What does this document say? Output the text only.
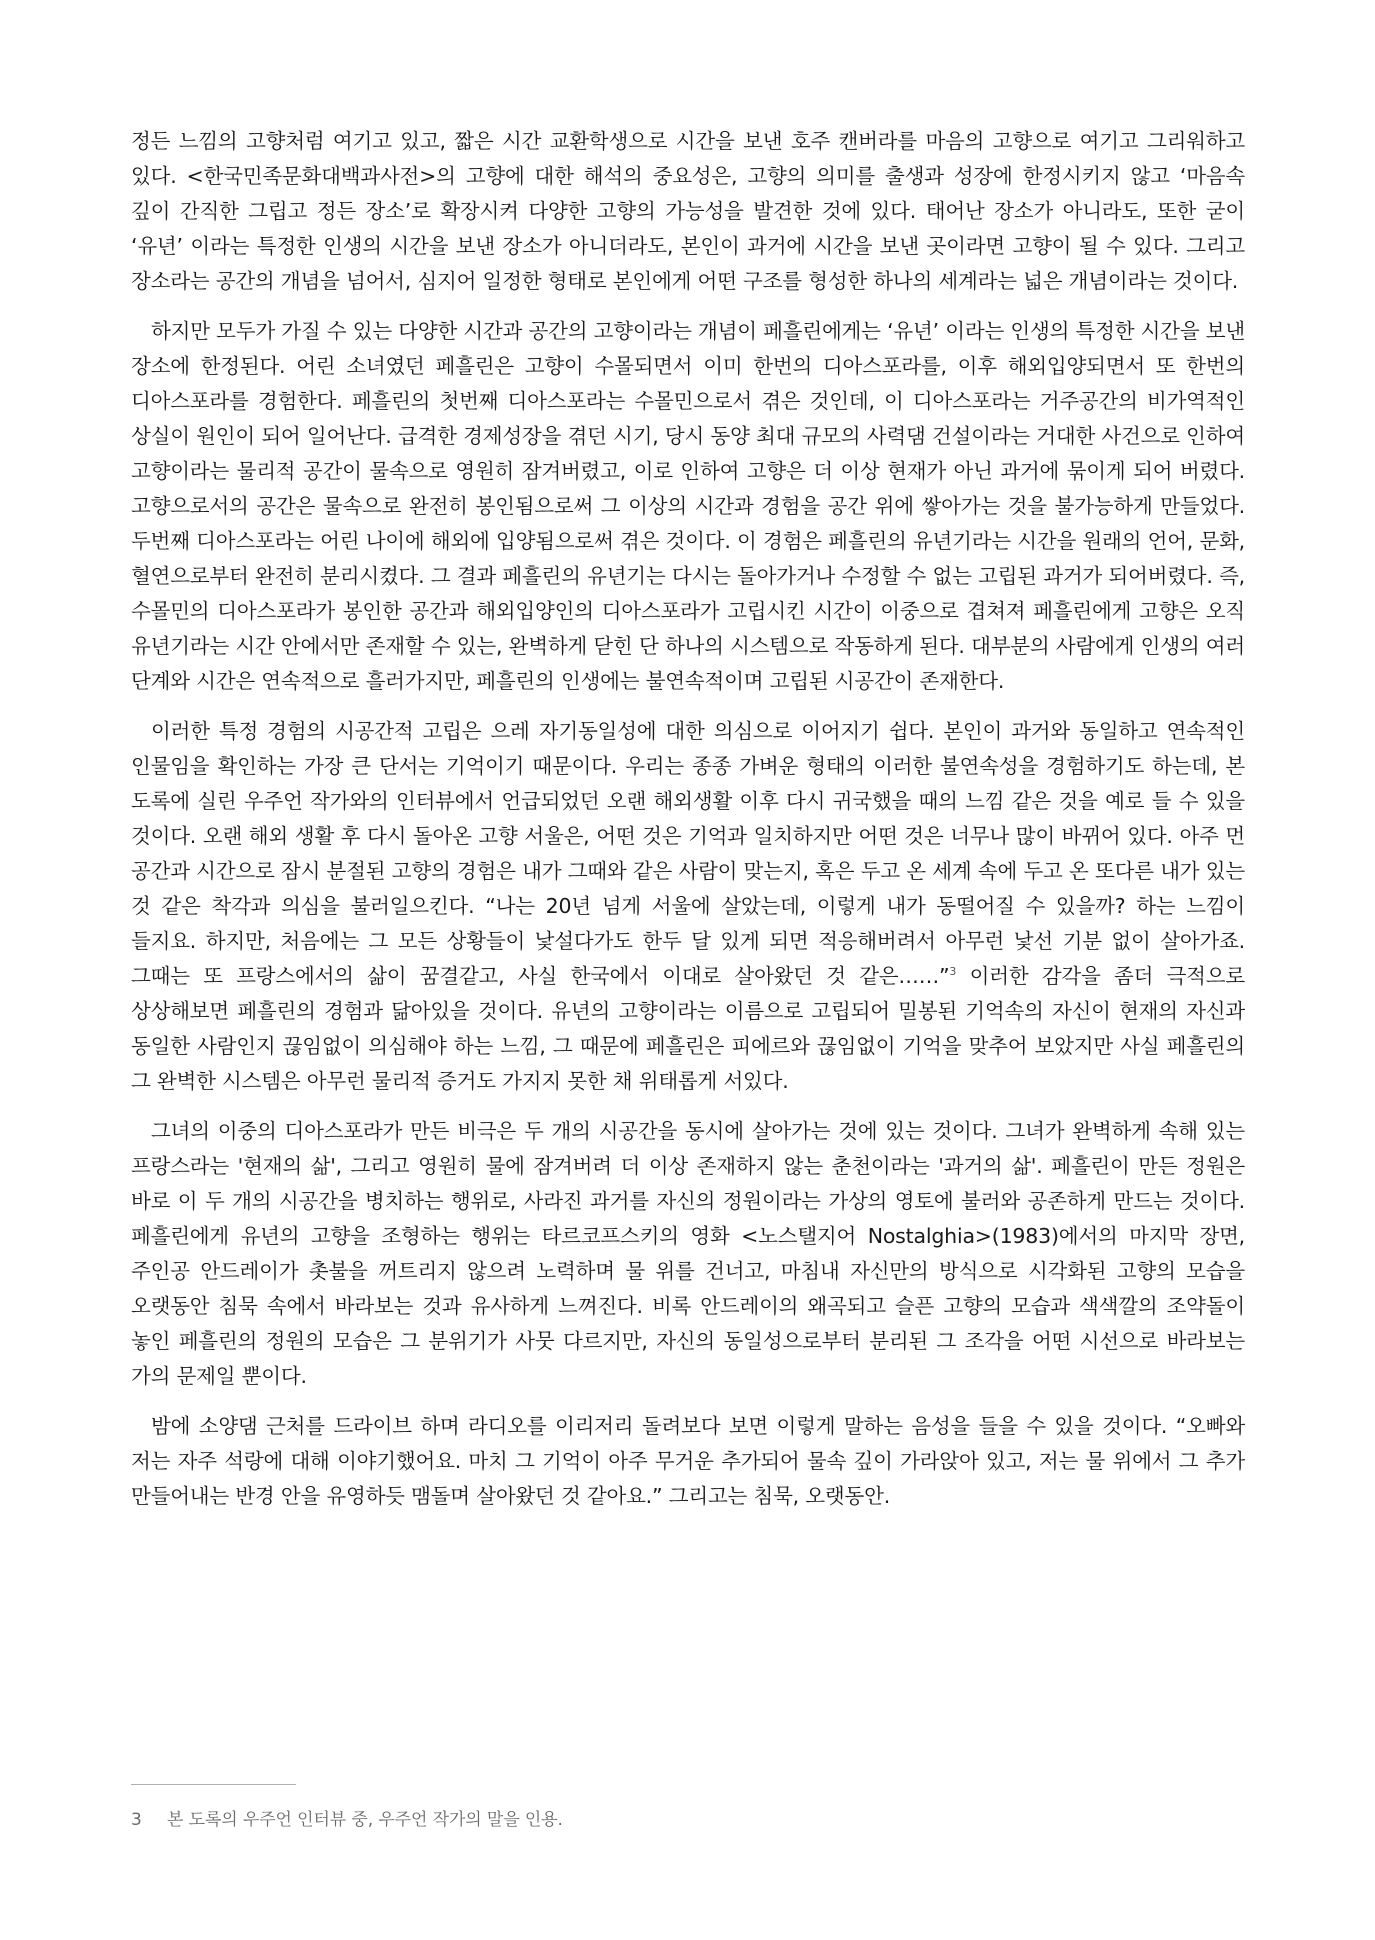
정든 느낌의 고향처럼 여기고 있고, 짧은 시간 교환학생으로 시간을 보낸 호주 캔버라를 마음의 고향으로 여기고 그리워하고 있다. <한국민족문화대백과사전>의 고향에 대한 해석의 중요성은, 고향의 의미를 출생과 성장에 한정시키지 않고 ‘마음속 깊이 간직한 그립고 정든 장소’로 확장시켜 다양한 고향의 가능성을 발견한 것에 있다. 태어난 장소가 아니라도, 또한 굳이 ‘유년’ 이라는 특정한 인생의 시간을 보낸 장소가 아니더라도, 본인이 과거에 시간을 보낸 곳이라면 고향이 될 수 있다. 그리고 장소라는 공간의 개념을 넘어서, 심지어 일정한 형태로 본인에게 어떤 구조를 형성한 하나의 세계라는 넓은 개념이라는 것이다.

하지만 모두가 가질 수 있는 다양한 시간과 공간의 고향이라는 개념이 페흘린에게는 ‘유년’ 이라는 인생의 특정한 시간을 보낸 장소에 한정된다. 어린 소녀였던 페흘린은 고향이 수몰되면서 이미 한번의 디아스포라를, 이후 해외입양되면서 또 한번의 디아스포라를 경험한다. 페흘린의 첫번째 디아스포라는 수몰민으로서 겪은 것인데, 이 디아스포라는 거주공간의 비가역적인 상실이 원인이 되어 일어난다. 급격한 경제성장을 겪던 시기, 당시 동양 최대 규모의 사력댐 건설이라는 거대한 사건으로 인하여 고향이라는 물리적 공간이 물속으로 영원히 잠겨버렸고, 이로 인하여 고향은 더 이상 현재가 아닌 과거에 묶이게 되어 버렸다. 고향으로서의 공간은 물속으로 완전히 봉인됨으로써 그 이상의 시간과 경험을 공간 위에 쌓아가는 것을 불가능하게 만들었다. 두번째 디아스포라는 어린 나이에 해외에 입양됨으로써 겪은 것이다. 이 경험은 페흘린의 유년기라는 시간을 원래의 언어, 문화, 혈연으로부터 완전히 분리시켰다. 그 결과 페흘린의 유년기는 다시는 돌아가거나 수정할 수 없는 고립된 과거가 되어버렸다. 즉, 수몰민의 디아스포라가 봉인한 공간과 해외입양인의 디아스포라가 고립시킨 시간이 이중으로 겹쳐져 페흘린에게 고향은 오직 유년기라는 시간 안에서만 존재할 수 있는, 완벽하게 닫힌 단 하나의 시스템으로 작동하게 된다. 대부분의 사람에게 인생의 여러 단계와 시간은 연속적으로 흘러가지만, 페흘린의 인생에는 불연속적이며 고립된 시공간이 존재한다.

이러한 특정 경험의 시공간적 고립은 으레 자기동일성에 대한 의심으로 이어지기 쉽다. 본인이 과거와 동일하고 연속적인 인물임을 확인하는 가장 큰 단서는 기억이기 때문이다. 우리는 종종 가벼운 형태의 이러한 불연속성을 경험하기도 하는데, 본 도록에 실린 우주언 작가와의 인터뷰에서 언급되었던 오랜 해외생활 이후 다시 귀국했을 때의 느낌 같은 것을 예로 들 수 있을 것이다. 오랜 해외 생활 후 다시 돌아온 고향 서울은, 어떤 것은 기억과 일치하지만 어떤 것은 너무나 많이 바뀌어 있다. 아주 먼 공간과 시간으로 잠시 분절된 고향의 경험은 내가 그때와 같은 사람이 맞는지, 혹은 두고 온 세계 속에 두고 온 또다른 내가 있는 것 같은 착각과 의심을 불러일으킨다. “나는 20년 넘게 서울에 살았는데, 이렇게 내가 동떨어질 수 있을까? 하는 느낌이 들지요. 하지만, 처음에는 그 모든 상황들이 낯설다가도 한두 달 있게 되면 적응해버려서 아무런 낯선 기분 없이 살아가죠. 그때는 또 프랑스에서의 삶이 꿈결같고, 사실 한국에서 이대로 살아왔던 것 같은……”$^3$ 이러한 감각을 좀더 극적으로 상상해보면 페흘린의 경험과 닮아있을 것이다. 유년의 고향이라는 이름으로 고립되어 밀봉된 기억속의 자신이 현재의 자신과 동일한 사람인지 끊임없이 의심해야 하는 느낌, 그 때문에 페흘린은 피에르와 끊임없이 기억을 맞추어 보았지만 사실 페흘린의 그 완벽한 시스템은 아무런 물리적 증거도 가지지 못한 채 위태롭게 서있다.

그녀의 이중의 디아스포라가 만든 비극은 두 개의 시공간을 동시에 살아가는 것에 있는 것이다. 그녀가 완벽하게 속해 있는 프랑스라는 '현재의 삶', 그리고 영원히 물에 잠겨버려 더 이상 존재하지 않는 춘천이라는 '과거의 삶'. 페흘린이 만든 정원은 바로 이 두 개의 시공간을 병치하는 행위로, 사라진 과거를 자신의 정원이라는 가상의 영토에 불러와 공존하게 만드는 것이다. 페흘린에게 유년의 고향을 조형하는 행위는 타르코프스키의 영화 <노스탤지어 Nostalghia>(1983)에서의 마지막 장면, 주인공 안드레이가 촛불을 꺼트리지 않으려 노력하며 물 위를 건너고, 마침내 자신만의 방식으로 시각화된 고향의 모습을 오랫동안 침묵 속에서 바라보는 것과 유사하게 느껴진다. 비록 안드레이의 왜곡되고 슬픈 고향의 모습과 색색깔의 조약돌이 놓인 페흘린의 정원의 모습은 그 분위기가 사뭇 다르지만, 자신의 동일성으로부터 분리된 그 조각을 어떤 시선으로 바라보는 가의 문제일 뿐이다.

밤에 소양댐 근처를 드라이브 하며 라디오를 이리저리 돌려보다 보면 이렇게 말하는 음성을 들을 수 있을 것이다. “오빠와 저는 자주 석랑에 대해 이야기했어요. 마치 그 기억이 아주 무거운 추가되어 물속 깊이 가라앉아 있고, 저는 물 위에서 그 추가 만들어내는 반경 안을 유영하듯 맴돌며 살아왔던 것 같아요.” 그리고는 침묵, 오랫동안.

3 본 도록의 우주언 인터뷰 중, 우주언 작가의 말을 인용.
